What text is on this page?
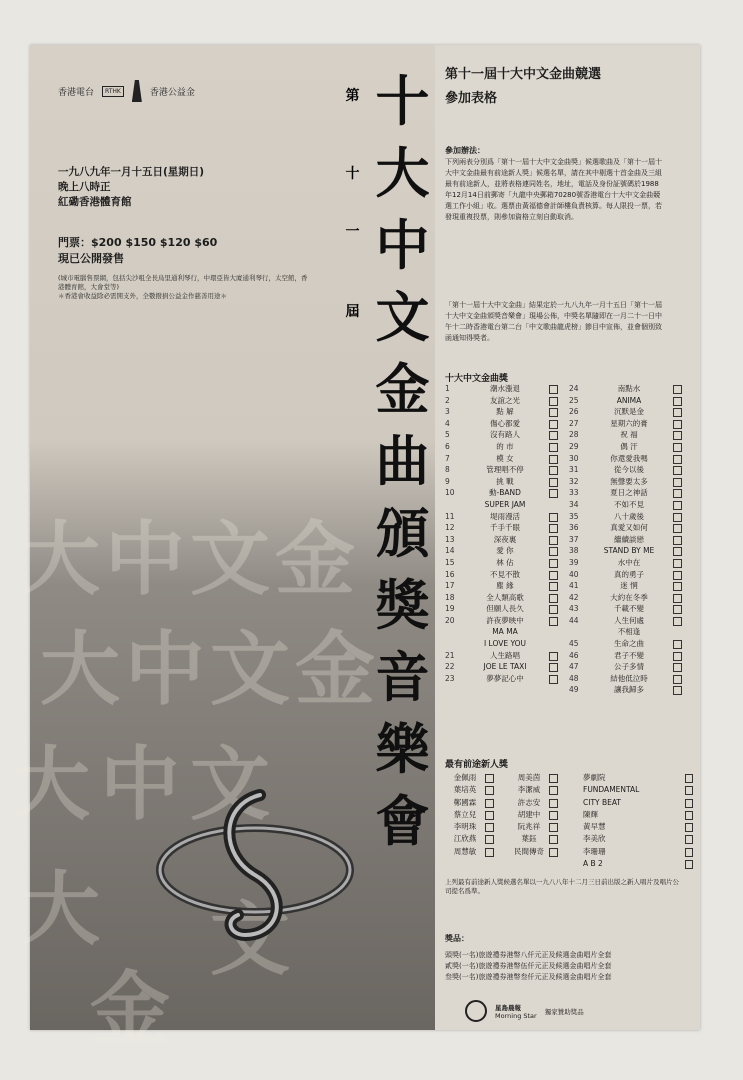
大 中 文 金
大 中 文 金
大 中 文
大 文
金
香港電台	RTHK	香港公益金
一九八九年一月十五日(星期日)
晚上八時正
紅磡香港體育館
門票：$200 $150 $120 $60
現已公開發售
(城市電腦售票網，包括尖沙咀全長烏里通利琴行，中環亞皆大廈通利琴行，太空館，香港體育館，大會堂等)
＊香港會收益除必需開支外，全數撥捐公益金作慈善用途＊
第
十
一
屆
十
大
中
文
金
曲
頒
獎
音
樂
會
第十一屆十大中文金曲競選
參加表格
參加辦法：
下列兩表分別爲「第十一屆十大中文金曲獎」候選歌曲及「第十一屆十大中文金曲最有前途新人獎」候選名單，請在其中剔選十首金曲及三組最有前途新人，並將表格連同姓名，地址，電話及身份証號碼於1988年12月14日前郵寄「九龍中央郵箱70280號香港電台十大中文金曲競選工作小組」收。選票由黃福德會計師樓負責核算。每人限投一票，若發現重複投票，則參加資格立刻自動取消。
「第十一屆十大中文金曲」結果定於一九八九年一月十五日「第十一屆十大中文金曲頒獎音樂會」現場公佈，中獎名單隨即在一月二十一日中午十二時香港電台第二台「中文歌曲龍虎榜」節目中宣佈，並會個別致函通知得獎者。
十大中文金曲獎
1	潮水漲退	24	南點水
2	友誼之光	25	ANIMA
3	點 解	26	沉默是金
4	傷心都愛	27	星期六的膏
5	沒有路人	28	祝 福
6	的 市	29	偶 汗
7	模 女	30	你還愛我嗎
8	管理唱不停	31	從今以後
9	挑 戰	32	無聲要太多
10	動-BAND	33	夏日之神話
SUPER JAM	34	不如不見
11	堤雨漫活	35	八十歲後
12	千手千眼	36	真愛又如何
13	深夜裏	37	繼續談戀
14	愛 你	38	STAND BY ME
15	林 佔	39	水中在
16	不見不散	40	真的勇子
17	塵 緣	41	迷 惘
18	全人類高歌	42	大約在冬季
19	但願人長久	43	千載不變
20	許夜夢映中	44	人生何處
MA MA	不相逢
I LOVE YOU	45	生命之曲
21	人生路唱	46	君子不變
22	JOE LE TAXI	47	公子多情
23	夢夢記心中	48	結他低泣時
49	讓我歸多
最有前途新人獎
金佩雨	周美茵	夢劇院
葉培英	李潔威	FUNDAMENTAL
鄭國霖	許志安	CITY BEAT
蔡立兒	胡建中	陳輝
李明珠	阮兆祥	黃早慧
江欣燕	葉鈺	李美欣
周慧敏	民間傳奇	李珊珊
A B 2
上列最有前途新人獎候選名單以一九八八年十二月三日前出版之新人唱片及唱片公司提名爲準。
獎品：
頭獎(一名)旅遊禮券港幣八仟元正及候選金曲唱片全套
貳獎(一名)旅遊禮券港幣伍仟元正及候選金曲唱片全套
叁獎(一名)旅遊禮券港幣叁仟元正及候選金曲唱片全套
星島晨報
Morning Star 獨家贊助獎品
